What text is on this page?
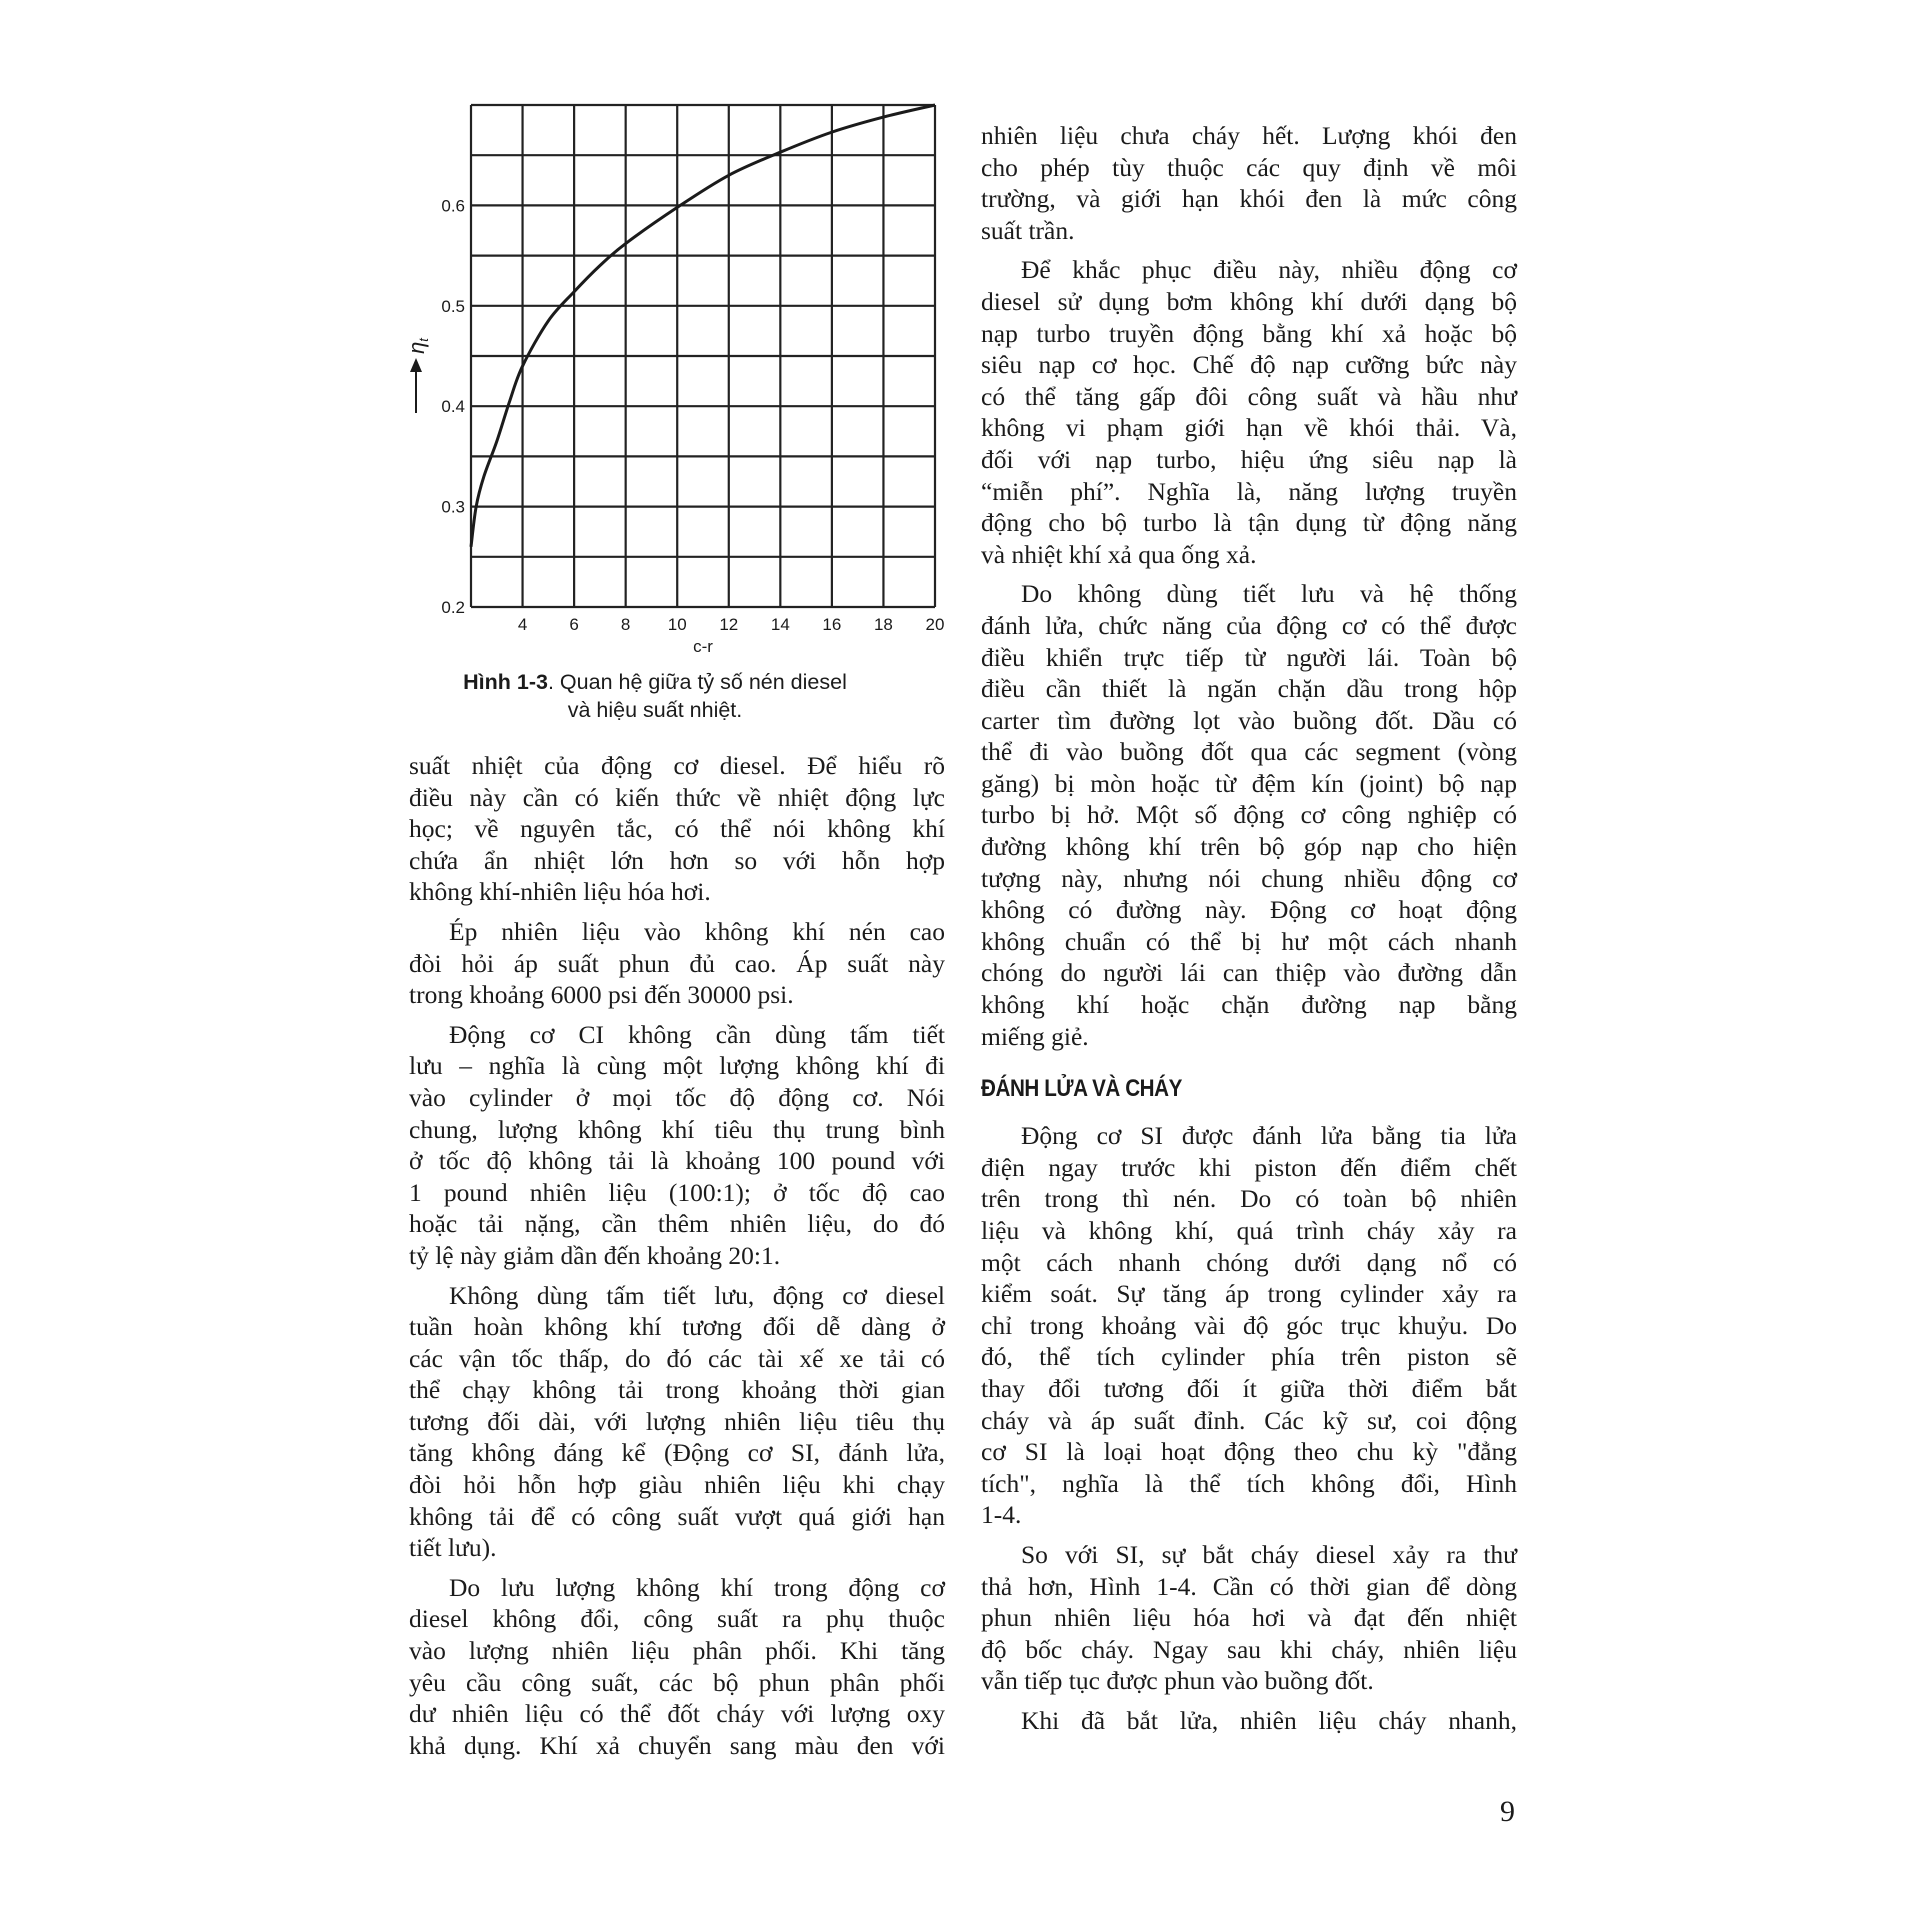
0.2
0.3
0.4
0.5
0.6
4 6 8 10 12 14 16 18 20
c-r
ηt
Hình 1-3. Quan hệ giữa tỷ số nén diesel
và hiệu suất nhiệt.
suất nhiệt của động cơ diesel. Để hiểu rõ
điều này cần có kiến thức về nhiệt động lực
học; về nguyên tắc, có thể nói không khí
chứa ẩn nhiệt lớn hơn so với hỗn hợp
không khí-nhiên liệu hóa hơi.
Ép nhiên liệu vào không khí nén cao
đòi hỏi áp suất phun đủ cao. Áp suất này
trong khoảng 6000 psi đến 30000 psi.
Động cơ CI không cần dùng tấm tiết
lưu – nghĩa là cùng một lượng không khí đi
vào cylinder ở mọi tốc độ động cơ. Nói
chung, lượng không khí tiêu thụ trung bình
ở tốc độ không tải là khoảng 100 pound với
1 pound nhiên liệu (100:1); ở tốc độ cao
hoặc tải nặng, cần thêm nhiên liệu, do đó
tỷ lệ này giảm dần đến khoảng 20:1.
Không dùng tấm tiết lưu, động cơ diesel
tuần hoàn không khí tương đối dễ dàng ở
các vận tốc thấp, do đó các tài xế xe tải có
thể chạy không tải trong khoảng thời gian
tương đối dài, với lượng nhiên liệu tiêu thụ
tăng không đáng kể (Động cơ SI, đánh lửa,
đòi hỏi hỗn hợp giàu nhiên liệu khi chạy
không tải để có công suất vượt quá giới hạn
tiết lưu).
Do lưu lượng không khí trong động cơ
diesel không đổi, công suất ra phụ thuộc
vào lượng nhiên liệu phân phối. Khi tăng
yêu cầu công suất, các bộ phun phân phối
dư nhiên liệu có thể đốt cháy với lượng oxy
khả dụng. Khí xả chuyển sang màu đen với
nhiên liệu chưa cháy hết. Lượng khói đen
cho phép tùy thuộc các quy định về môi
trường, và giới hạn khói đen là mức công
suất trần.
Để khắc phục điều này, nhiều động cơ
diesel sử dụng bơm không khí dưới dạng bộ
nạp turbo truyền động bằng khí xả hoặc bộ
siêu nạp cơ học. Chế độ nạp cưỡng bức này
có thể tăng gấp đôi công suất và hầu như
không vi phạm giới hạn về khói thải. Và,
đối với nạp turbo, hiệu ứng siêu nạp là
“miễn phí”. Nghĩa là, năng lượng truyền
động cho bộ turbo là tận dụng từ động năng
và nhiệt khí xả qua ống xả.
Do không dùng tiết lưu và hệ thống
đánh lửa, chức năng của động cơ có thể được
điều khiển trực tiếp từ người lái. Toàn bộ
điều cần thiết là ngăn chặn dầu trong hộp
carter tìm đường lọt vào buồng đốt. Dầu có
thể đi vào buồng đốt qua các segment (vòng
găng) bị mòn hoặc từ đệm kín (joint) bộ nạp
turbo bị hở. Một số động cơ công nghiệp có
đường không khí trên bộ góp nạp cho hiện
tượng này, nhưng nói chung nhiều động cơ
không có đường này. Động cơ hoạt động
không chuẩn có thể bị hư một cách nhanh
chóng do người lái can thiệp vào đường dẫn
không khí hoặc chặn đường nạp bằng
miếng giẻ.
ĐÁNH LỬA VÀ CHÁY
Động cơ SI được đánh lửa bằng tia lửa
điện ngay trước khi piston đến điểm chết
trên trong thì nén. Do có toàn bộ nhiên
liệu và không khí, quá trình cháy xảy ra
một cách nhanh chóng dưới dạng nổ có
kiểm soát. Sự tăng áp trong cylinder xảy ra
chỉ trong khoảng vài độ góc trục khuỷu. Do
đó, thể tích cylinder phía trên piston sẽ
thay đổi tương đối ít giữa thời điểm bắt
cháy và áp suất đỉnh. Các kỹ sư, coi động
cơ SI là loại hoạt động theo chu kỳ "đẳng
tích", nghĩa là thể tích không đổi, Hình
1-4.
So với SI, sự bắt cháy diesel xảy ra thư
thả hơn, Hình 1-4. Cần có thời gian để dòng
phun nhiên liệu hóa hơi và đạt đến nhiệt
độ bốc cháy. Ngay sau khi cháy, nhiên liệu
vẫn tiếp tục được phun vào buồng đốt.
Khi đã bắt lửa, nhiên liệu cháy nhanh,
9
